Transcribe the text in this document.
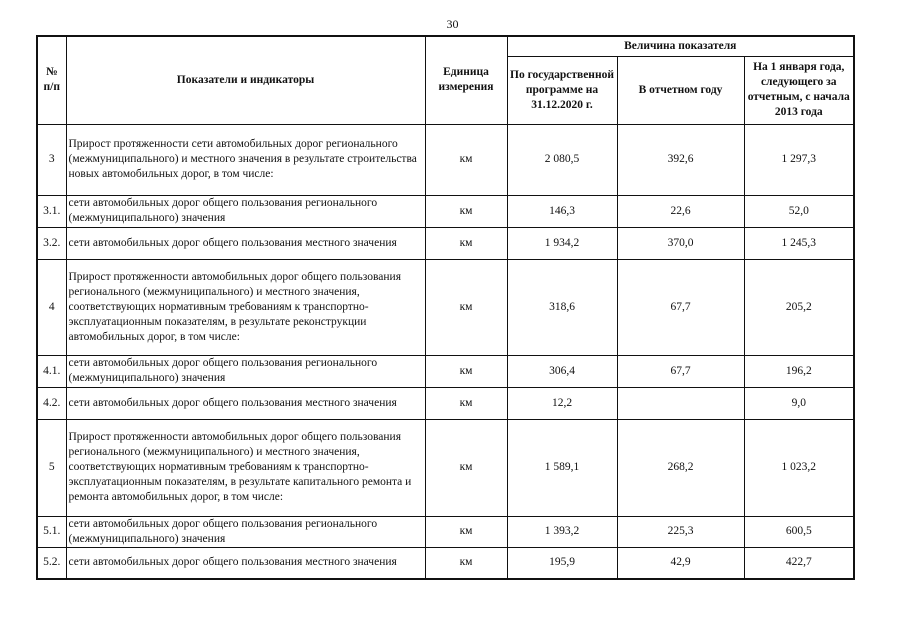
30
№ п/п	Показатели и индикаторы	Единица измерения	Величина показателя		
			По государственной программе на 31.12.2020 г.	В отчетном году	На 1 января года, следующего за отчетным, с начала 2013 года
3	Прирост протяженности сети автомобильных дорог регионального (межмуниципального) и местного значения в результате строительства новых автомобильных дорог, в том числе:	км	2 080,5	392,6	1 297,3
3.1.	сети автомобильных дорог общего пользования регионального (межмуниципального) значения	км	146,3	22,6	52,0
3.2.	сети автомобильных дорог общего пользования местного значения	км	1 934,2	370,0	1 245,3
4	Прирост протяженности автомобильных дорог общего пользования регионального (межмуниципального) и местного значения, соответствующих нормативным требованиям к транспортно-эксплуатационным показателям, в результате реконструкции автомобильных дорог, в том числе:	км	318,6	67,7	205,2
4.1.	сети автомобильных дорог общего пользования регионального (межмуниципального) значения	км	306,4	67,7	196,2
4.2.	сети автомобильных дорог общего пользования местного значения	км	12,2		9,0
5	Прирост протяженности автомобильных дорог общего пользования регионального (межмуниципального) и местного значения, соответствующих нормативным требованиям к транспортно-эксплуатационным показателям, в результате капитального ремонта и ремонта автомобильных дорог, в том числе:	км	1 589,1	268,2	1 023,2
5.1.	сети автомобильных дорог общего пользования регионального (межмуниципального) значения	км	1 393,2	225,3	600,5
5.2.	сети автомобильных дорог общего пользования местного значения	км	195,9	42,9	422,7
